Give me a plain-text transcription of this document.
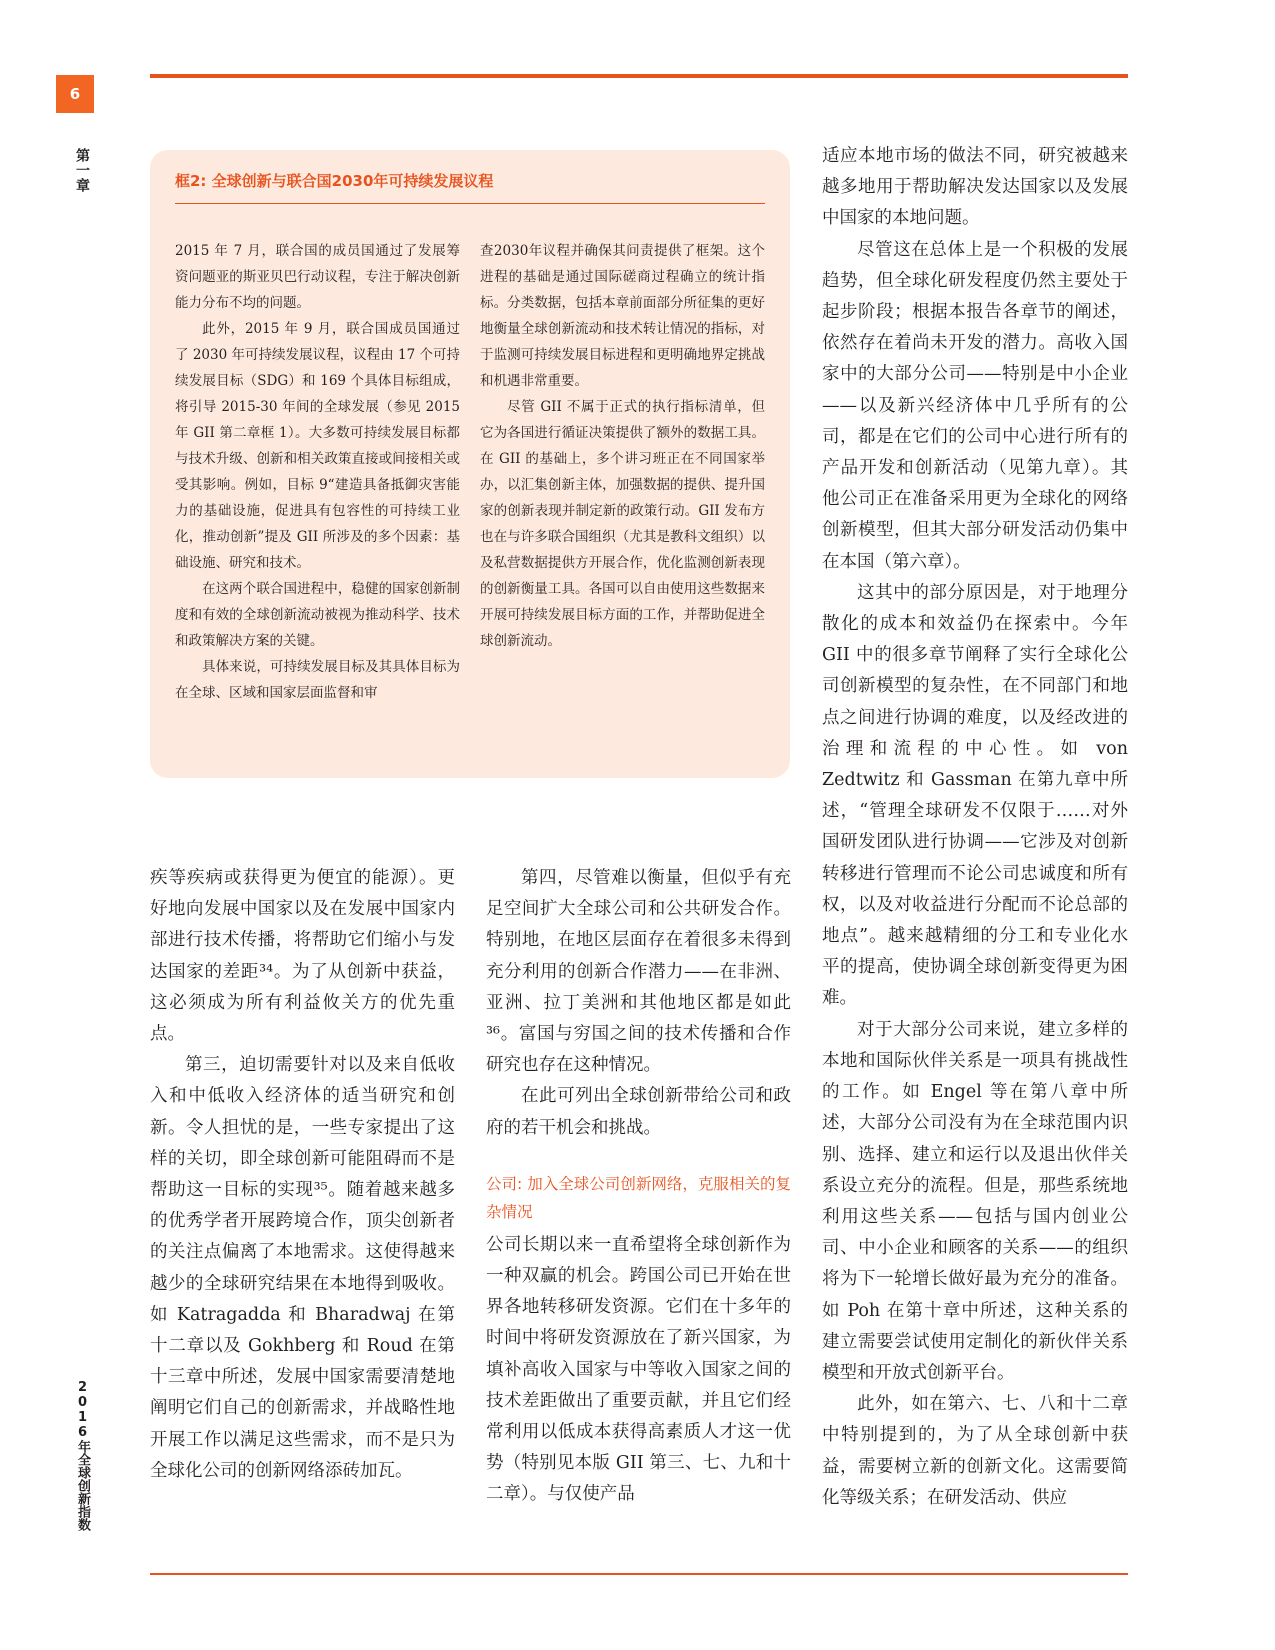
6
第一章
2016年全球创新指数
框2: 全球创新与联合国2030年可持续发展议程

2015 年 7 月，联合国的成员国通过了发展筹资问题亚的斯亚贝巴行动议程，专注于解决创新能力分布不均的问题。

此外，2015 年 9 月，联合国成员国通过了 2030 年可持续发展议程，议程由 17 个可持续发展目标（SDG）和 169 个具体目标组成，将引导 2015-30 年间的全球发展（参见 2015 年 GII 第二章框 1）。大多数可持续发展目标都与技术升级、创新和相关政策直接或间接相关或受其影响。例如，目标 9“建造具备抵御灾害能力的基础设施，促进具有包容性的可持续工业化，推动创新”提及 GII 所涉及的多个因素：基础设施、研究和技术。

在这两个联合国进程中，稳健的国家创新制度和有效的全球创新流动被视为推动科学、技术和政策解决方案的关键。

具体来说，可持续发展目标及其具体目标为在全球、区域和国家层面监督和审

查2030年议程并确保其问责提供了框架。这个进程的基础是通过国际磋商过程确立的统计指标。分类数据，包括本章前面部分所征集的更好地衡量全球创新流动和技术转让情况的指标，对于监测可持续发展目标进程和更明确地界定挑战和机遇非常重要。

尽管 GII 不属于正式的执行指标清单，但它为各国进行循证决策提供了额外的数据工具。在 GII 的基础上，多个讲习班正在不同国家举办，以汇集创新主体，加强数据的提供、提升国家的创新表现并制定新的政策行动。GII 发布方也在与许多联合国组织（尤其是教科文组织）以及私营数据提供方开展合作，优化监测创新表现的创新衡量工具。各国可以自由使用这些数据来开展可持续发展目标方面的工作，并帮助促进全球创新流动。

疾等疾病或获得更为便宜的能源）。更好地向发展中国家以及在发展中国家内部进行技术传播，将帮助它们缩小与发达国家的差距³⁴。为了从创新中获益，这必须成为所有利益攸关方的优先重点。

第三，迫切需要针对以及来自低收入和中低收入经济体的适当研究和创新。令人担忧的是，一些专家提出了这样的关切，即全球创新可能阻碍而不是帮助这一目标的实现³⁵。随着越来越多的优秀学者开展跨境合作，顶尖创新者的关注点偏离了本地需求。这使得越来越少的全球研究结果在本地得到吸收。如 Katragadda 和 Bharadwaj 在第十二章以及 Gokhberg 和 Roud 在第十三章中所述，发展中国家需要清楚地阐明它们自己的创新需求，并战略性地开展工作以满足这些需求，而不是只为全球化公司的创新网络添砖加瓦。

第四，尽管难以衡量，但似乎有充足空间扩大全球公司和公共研发合作。特别地，在地区层面存在着很多未得到充分利用的创新合作潜力——在非洲、亚洲、拉丁美洲和其他地区都是如此³⁶。富国与穷国之间的技术传播和合作研究也存在这种情况。

在此可列出全球创新带给公司和政府的若干机会和挑战。

公司: 加入全球公司创新网络，克服相关的复杂情况

公司长期以来一直希望将全球创新作为一种双赢的机会。跨国公司已开始在世界各地转移研发资源。它们在十多年的时间中将研发资源放在了新兴国家，为填补高收入国家与中等收入国家之间的技术差距做出了重要贡献，并且它们经常利用以低成本获得高素质人才这一优势（特别见本版 GII 第三、七、九和十二章）。与仅使产品

适应本地市场的做法不同，研究被越来越多地用于帮助解决发达国家以及发展中国家的本地问题。

尽管这在总体上是一个积极的发展趋势，但全球化研发程度仍然主要处于起步阶段；根据本报告各章节的阐述，依然存在着尚未开发的潜力。高收入国家中的大部分公司——特别是中小企业——以及新兴经济体中几乎所有的公司，都是在它们的公司中心进行所有的产品开发和创新活动（见第九章）。其他公司正在准备采用更为全球化的网络创新模型，但其大部分研发活动仍集中在本国（第六章）。

这其中的部分原因是，对于地理分散化的成本和效益仍在探索中。今年 GII 中的很多章节阐释了实行全球化公司创新模型的复杂性，在不同部门和地点之间进行协调的难度，以及经改进的治理和流程的中心性。如 von Zedtwitz 和 Gassman 在第九章中所述，“管理全球研发不仅限于……对外国研发团队进行协调——它涉及对创新转移进行管理而不论公司忠诚度和所有权，以及对收益进行分配而不论总部的地点”。越来越精细的分工和专业化水平的提高，使协调全球创新变得更为困难。

对于大部分公司来说，建立多样的本地和国际伙伴关系是一项具有挑战性的工作。如 Engel 等在第八章中所述，大部分公司没有为在全球范围内识别、选择、建立和运行以及退出伙伴关系设立充分的流程。但是，那些系统地利用这些关系——包括与国内创业公司、中小企业和顾客的关系——的组织将为下一轮增长做好最为充分的准备。如 Poh 在第十章中所述，这种关系的建立需要尝试使用定制化的新伙伴关系模型和开放式创新平台。

此外，如在第六、七、八和十二章中特别提到的，为了从全球创新中获益，需要树立新的创新文化。这需要简化等级关系；在研发活动、供应
